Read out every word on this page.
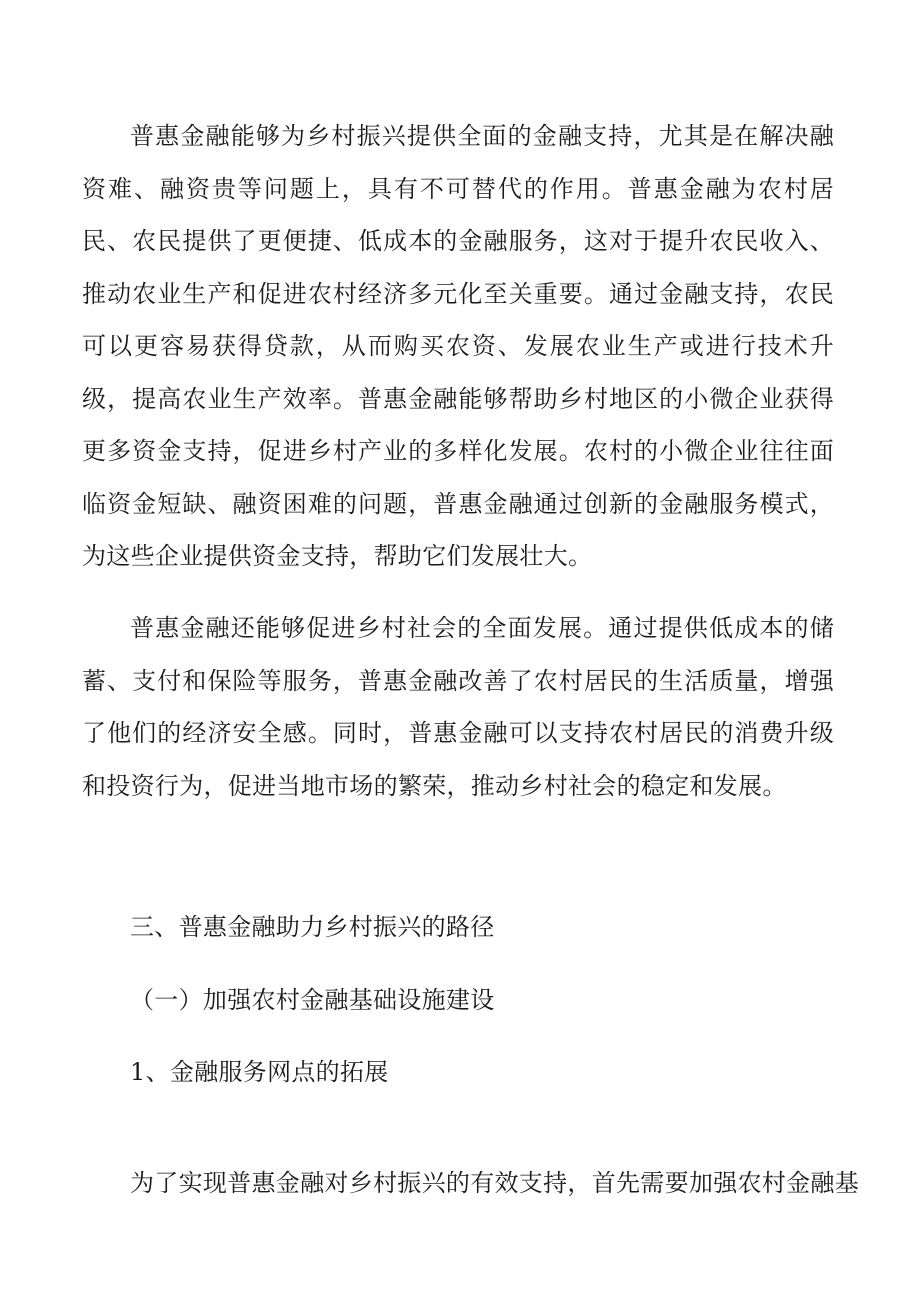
普惠金融能够为乡村振兴提供全面的金融支持，尤其是在解决融资难、融资贵等问题上，具有不可替代的作用。普惠金融为农村居民、农民提供了更便捷、低成本的金融服务，这对于提升农民收入、推动农业生产和促进农村经济多元化至关重要。通过金融支持，农民可以更容易获得贷款，从而购买农资、发展农业生产或进行技术升级，提高农业生产效率。普惠金融能够帮助乡村地区的小微企业获得更多资金支持，促进乡村产业的多样化发展。农村的小微企业往往面临资金短缺、融资困难的问题，普惠金融通过创新的金融服务模式，为这些企业提供资金支持，帮助它们发展壮大。

普惠金融还能够促进乡村社会的全面发展。通过提供低成本的储蓄、支付和保险等服务，普惠金融改善了农村居民的生活质量，增强了他们的经济安全感。同时，普惠金融可以支持农村居民的消费升级和投资行为，促进当地市场的繁荣，推动乡村社会的稳定和发展。

三、普惠金融助力乡村振兴的路径

（一）加强农村金融基础设施建设

1、金融服务网点的拓展

为了实现普惠金融对乡村振兴的有效支持，首先需要加强农村金融基
